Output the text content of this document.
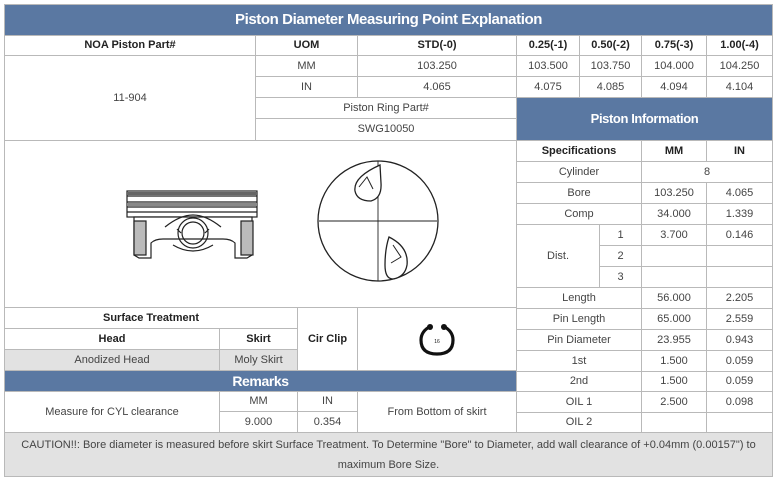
Piston Diameter Measuring Point Explanation
NOA Piston Part#	UOM	STD(-0)	0.25(-1)	0.50(-2)	0.75(-3)	1.00(-4)
11-904
MM	103.250	103.500	103.750	104.000	104.250
IN	4.065	4.075	4.085	4.094	4.104
Piston Ring Part#
SWG10050
Piston Information
Specifications	MM	IN
Cylinder	8
Bore	103.250	4.065
Comp	34.000	1.339
Dist.
1	3.700	0.146
2
3
Length	56.000	2.205
Pin Length	65.000	2.559
Pin Diameter	23.955	0.943
1st	1.500	0.059
2nd	1.500	0.059
OIL 1	2.500	0.098
OIL 2
Surface Treatment
Head	Skirt
Anodized Head	Moly Skirt
Cir Clip	16
Remarks
Measure for CYL clearance
MM	IN
9.000	0.354
From Bottom of skirt
CAUTION!!: Bore diameter is measured before skirt Surface Treatment. To Determine "Bore" to Diameter, add wall clearance of +0.04mm (0.00157") to maximum Bore Size.
